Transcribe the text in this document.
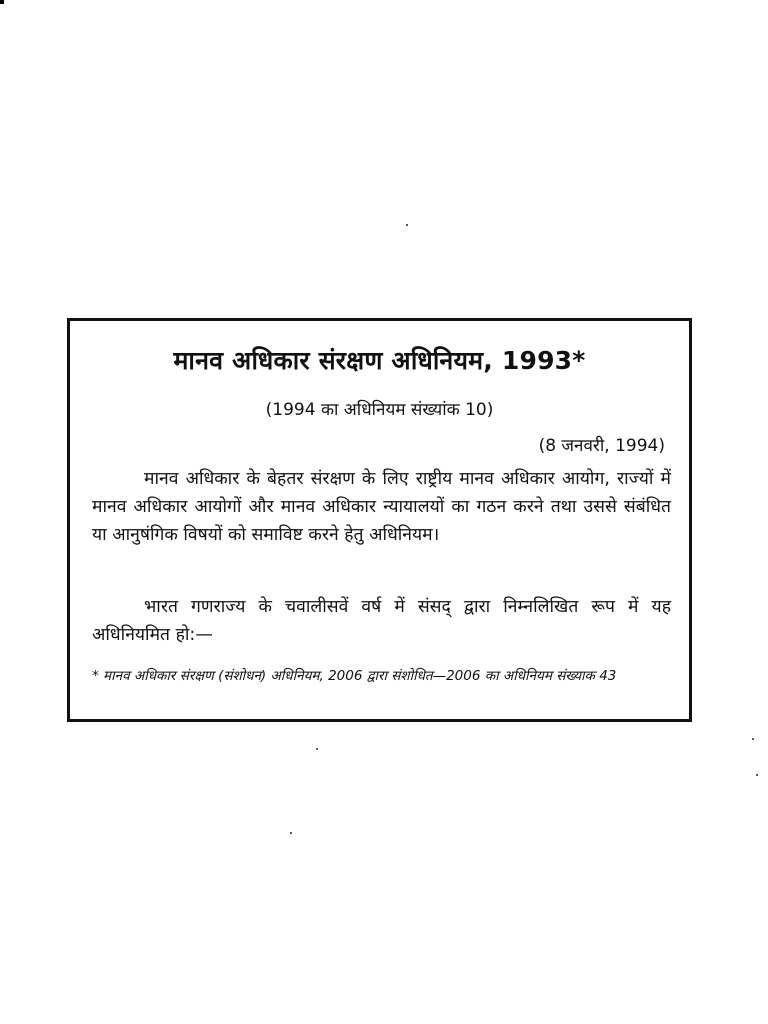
मानव अधिकार संरक्षण अधिनियम, 1993*
(1994 का अधिनियम संख्यांक 10)
(8 जनवरी, 1994)

मानव अधिकार के बेहतर संरक्षण के लिए राष्ट्रीय मानव अधिकार आयोग, राज्यों में मानव अधिकार आयोगों और मानव अधिकार न्यायालयों का गठन करने तथा उससे संबंधित या आनुषंगिक विषयों को समाविष्ट करने हेतु अधिनियम।

भारत गणराज्य के चवालीसवें वर्ष में संसद् द्वारा निम्नलिखित रूप में यह अधिनियमित हो:—

* मानव अधिकार संरक्षण (संशोधन) अधिनियम, 2006 द्वारा संशोधित—2006 का अधिनियम संख्याक 43
